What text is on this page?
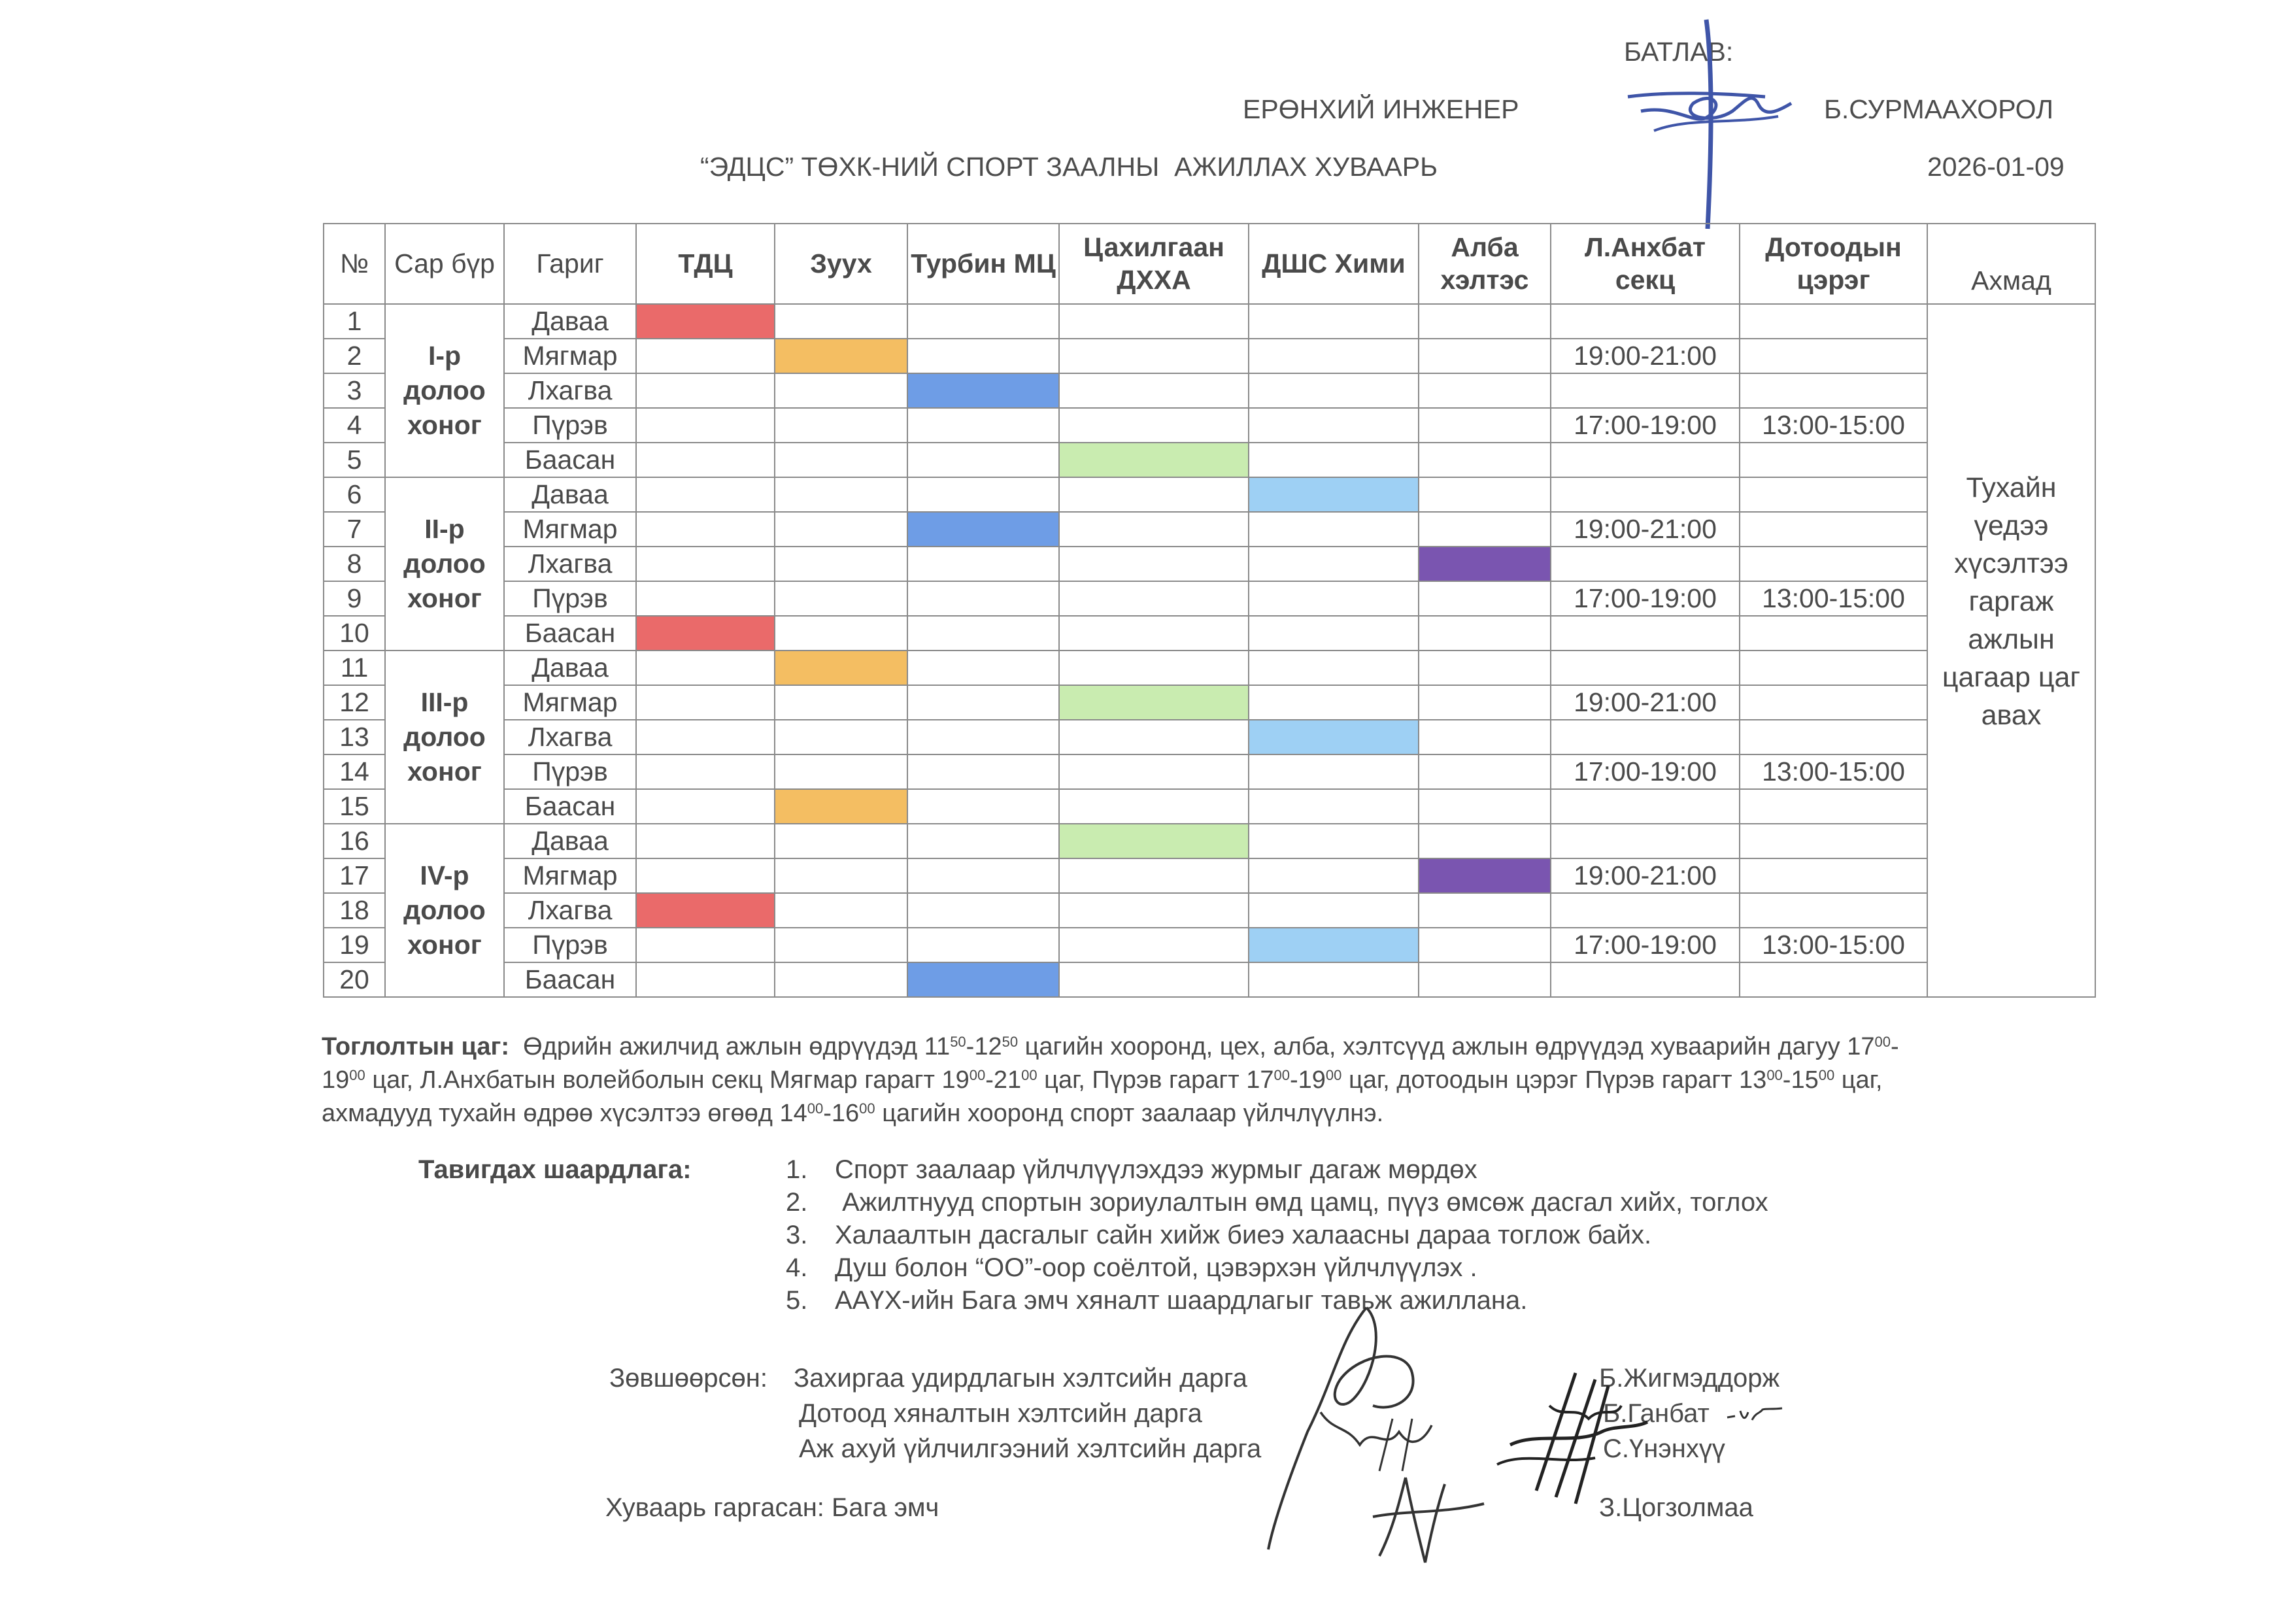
БАТЛАВ:
ЕРӨНХИЙ ИНЖЕНЕР	Б.СУРМААХОРОЛ
“ЭДЦС” ТӨХК-НИЙ СПОРТ ЗААЛНЫ  АЖИЛЛАХ ХУВААРЬ	2026-01-09
№	Сар бүр	Гариг	ТДЦ	Зуух	Турбин МЦ	Цахилгаан ДХХА	ДШС Хими	Алба хэлтэс	Л.Анхбат секц	Дотоодын цэрэг	Ахмад
1	I-р долоо хоног	Даваа									Тухайн үедээ хүсэлтээ гаргаж ажлын цагаар цаг авах
2		Мягмар							19:00-21:00		
3		Лхагва									
4		Пүрэв							17:00-19:00	13:00-15:00	
5		Баасан									
6	II-р долоо хоног	Даваа									
7		Мягмар							19:00-21:00		
8		Лхагва									
9		Пүрэв							17:00-19:00	13:00-15:00	
10		Баасан									
11	III-р долоо хоног	Даваа									
12		Мягмар							19:00-21:00		
13		Лхагва									
14		Пүрэв							17:00-19:00	13:00-15:00	
15		Баасан									
16	IV-р долоо хоног	Даваа									
17		Мягмар							19:00-21:00		
18		Лхагва									
19		Пүрэв							17:00-19:00	13:00-15:00	
20		Баасан									
Тоглолтын цаг: Өдрийн ажилчид ажлын өдрүүдэд $11^{50}-12^{50}$ цагийн хооронд, цех, алба, хэлтсүүд ажлын өдрүүдэд хуваарийн дагуу $17^{00}-19^{00}$ цаг, Л.Анхбатын волейболын секц Мягмар гарагт $19^{00}-21^{00}$ цаг, Пүрэв гарагт $17^{00}-19^{00}$ цаг, дотоодын цэрэг Пүрэв гарагт $13^{00}-15^{00}$ цаг, ахмадууд тухайн өдрөө хүсэлтээ өгөөд $14^{00}-16^{00}$ цагийн хооронд спорт заалаар үйлчлүүлнэ.
Тавигдах шаардлага:	1. Спорт заалаар үйлчлүүлэхдээ журмыг дагаж мөрдөх
2. Ажилтнууд спортын зориулалтын өмд цамц, пүүз өмсөж дасгал хийх, тоглох
3. Халаалтын дасгалыг сайн хийж биеэ халаасны дараа тоглож байх.
4. Душ болон “ОО”-оор соёлтой, цэвэрхэн үйлчлүүлэх .
5. ААҮХ-ийн Бага эмч хяналт шаардлагыг тавьж ажиллана.
Зөвшөөрсөн: Захиргаа удирдлагын хэлтсийн дарга	Б.Жигмэддорж
Дотоод хяналтын хэлтсийн дарга	Б.Ганбат
Аж ахуй үйлчилгээний хэлтсийн дарга	С.Үнэнхүү
Хуваарь гаргасан: Бага эмч	З.Цогзолмаа
